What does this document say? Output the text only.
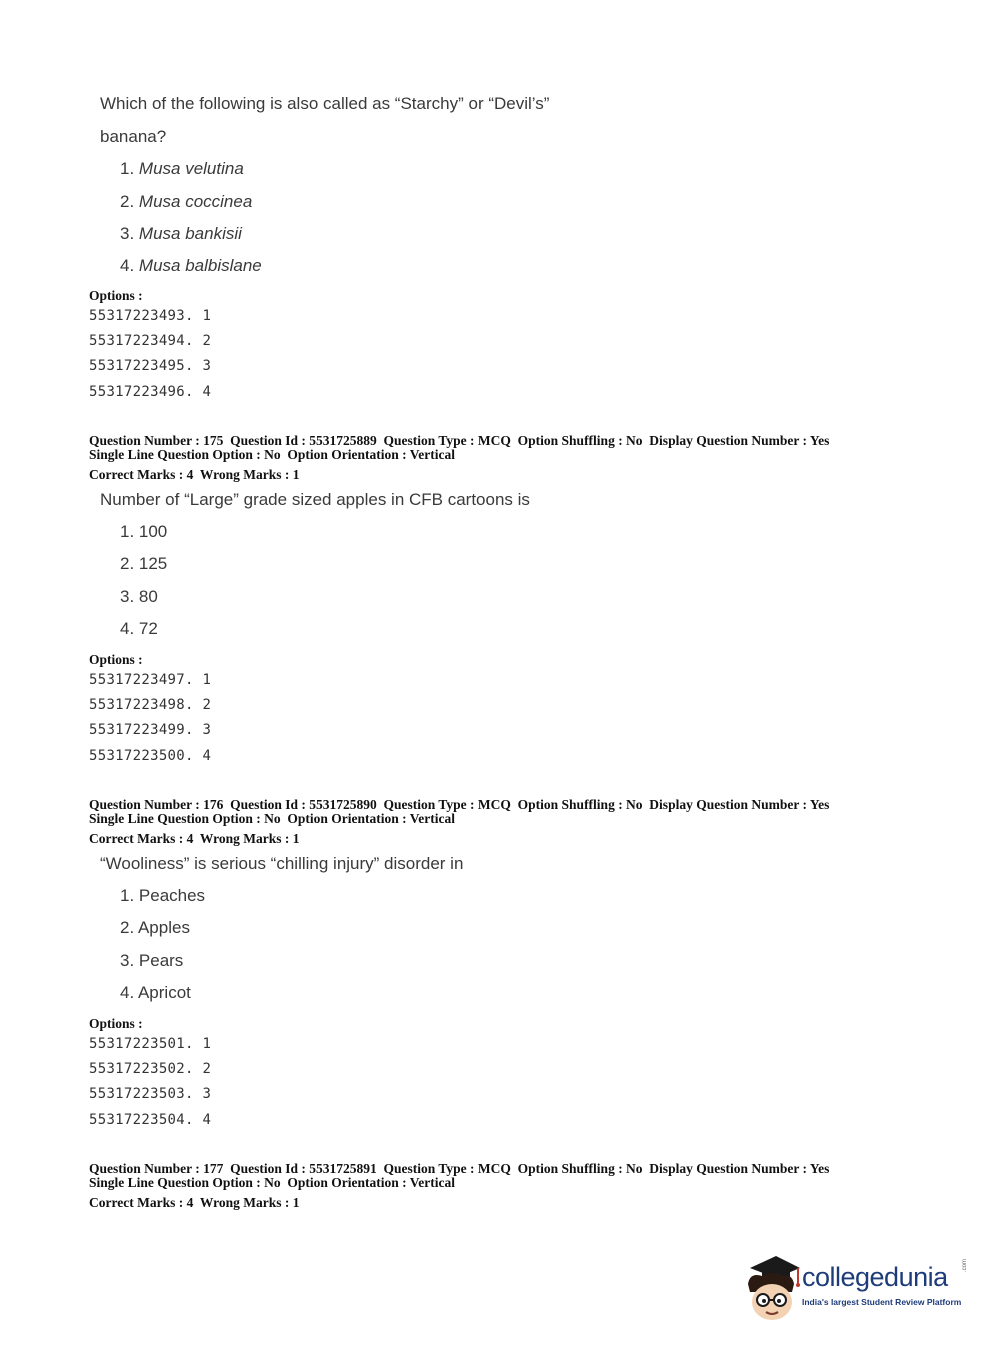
Which of the following is also called as “Starchy” or “Devil’s”
banana?
1. Musa velutina
2. Musa coccinea
3. Musa bankisii
4. Musa balbislane
Options :
55317223493. 1
55317223494. 2
55317223495. 3
55317223496. 4
Question Number : 175  Question Id : 5531725889  Question Type : MCQ  Option Shuffling : No  Display Question Number : Yes
Single Line Question Option : No  Option Orientation : Vertical
Correct Marks : 4  Wrong Marks : 1
Number of “Large” grade sized apples in CFB cartoons is
1. 100
2. 125
3. 80
4. 72
Options :
55317223497. 1
55317223498. 2
55317223499. 3
55317223500. 4
Question Number : 176  Question Id : 5531725890  Question Type : MCQ  Option Shuffling : No  Display Question Number : Yes
Single Line Question Option : No  Option Orientation : Vertical
Correct Marks : 4  Wrong Marks : 1
“Wooliness” is serious “chilling injury” disorder in
1. Peaches
2. Apples
3. Pears
4. Apricot
Options :
55317223501. 1
55317223502. 2
55317223503. 3
55317223504. 4
Question Number : 177  Question Id : 5531725891  Question Type : MCQ  Option Shuffling : No  Display Question Number : Yes
Single Line Question Option : No  Option Orientation : Vertical
Correct Marks : 4  Wrong Marks : 1
collegedunia .com
India's largest Student Review Platform
